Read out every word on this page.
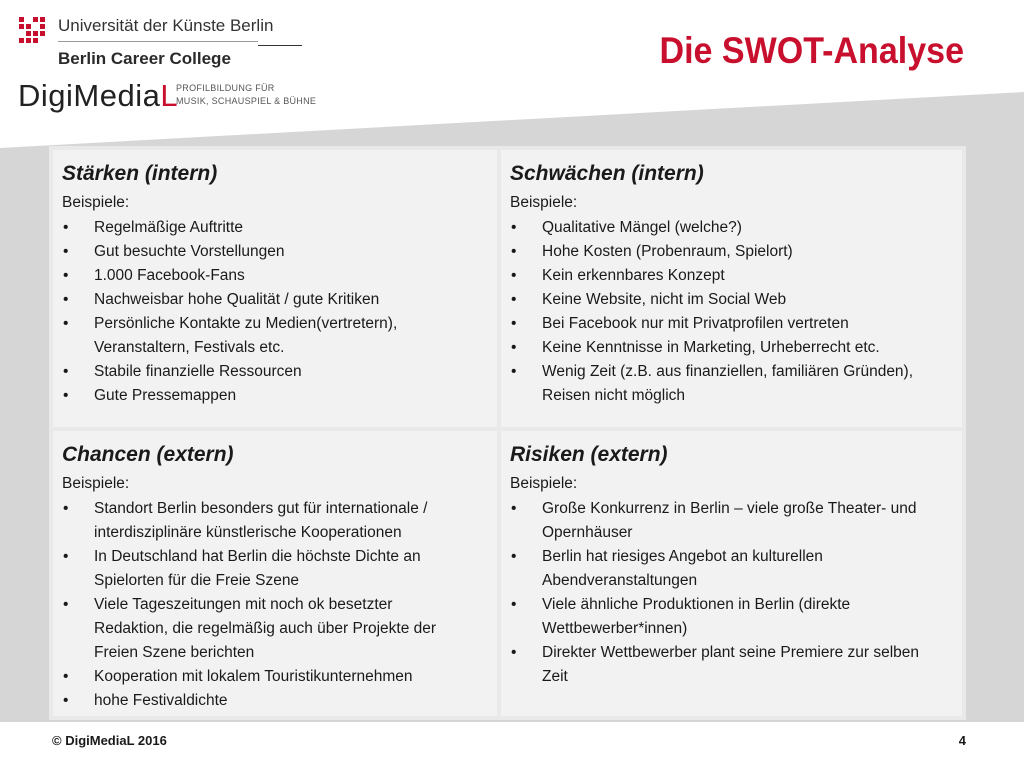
Universität der Künste Berlin
Berlin Career College
DigiMediaL
PROFILBILDUNG FÜR
MUSIK, SCHAUSPIEL & BÜHNE
Die SWOT-Analyse
Stärken (intern)
Beispiele:
• Regelmäßige Auftritte
• Gut besuchte Vorstellungen
• 1.000 Facebook-Fans
• Nachweisbar hohe Qualität / gute Kritiken
• Persönliche Kontakte zu Medien(vertretern),
Veranstaltern, Festivals etc.
• Stabile finanzielle Ressourcen
• Gute Pressemappen
Schwächen (intern)
Beispiele:
• Qualitative Mängel (welche?)
• Hohe Kosten (Probenraum, Spielort)
• Kein erkennbares Konzept
• Keine Website, nicht im Social Web
• Bei Facebook nur mit Privatprofilen vertreten
• Keine Kenntnisse in Marketing, Urheberrecht etc.
• Wenig Zeit (z.B. aus finanziellen, familiären Gründen),
Reisen nicht möglich
Chancen (extern)
Beispiele:
• Standort Berlin besonders gut für internationale /
interdisziplinäre künstlerische Kooperationen
• In Deutschland hat Berlin die höchste Dichte an
Spielorten für die Freie Szene
• Viele Tageszeitungen mit noch ok besetzter
Redaktion, die regelmäßig auch über Projekte der
Freien Szene berichten
• Kooperation mit lokalem Touristikunternehmen
• hohe Festivaldichte
Risiken (extern)
Beispiele:
• Große Konkurrenz in Berlin – viele große Theater- und
Opernhäuser
• Berlin hat riesiges Angebot an kulturellen
Abendveranstaltungen
• Viele ähnliche Produktionen in Berlin (direkte
Wettbewerber*innen)
• Direkter Wettbewerber plant seine Premiere zur selben
Zeit
© DigiMediaL 2016	4
